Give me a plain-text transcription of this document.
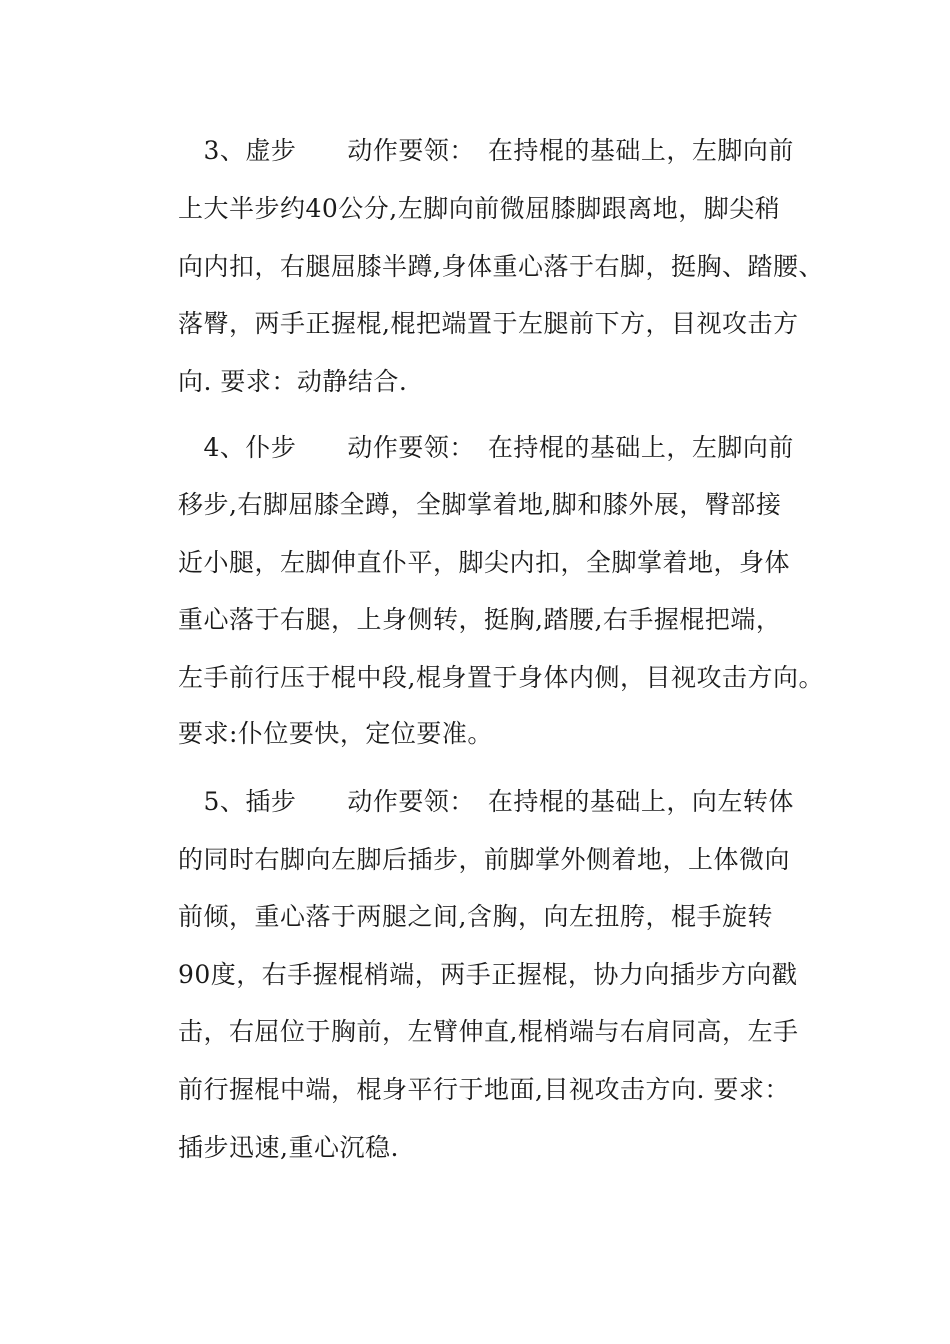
　3、虚步　　动作要领：　在持棍的基础上，左脚向前
上大半步约40公分,左脚向前微屈膝脚跟离地，脚尖稍
向内扣，右腿屈膝半蹲,身体重心落于右脚，挺胸、踏腰、
落臀，两手正握棍,棍把端置于左腿前下方，目视攻击方
向. 要求：动静结合.
　4、仆步　　动作要领：　在持棍的基础上，左脚向前
移步,右脚屈膝全蹲，全脚掌着地,脚和膝外展，臀部接
近小腿，左脚伸直仆平，脚尖内扣，全脚掌着地，身体
重心落于右腿，上身侧转，挺胸,踏腰,右手握棍把端，
左手前行压于棍中段,棍身置于身体内侧，目视攻击方向。
要求:仆位要快，定位要准。
　5、插步　　动作要领：　在持棍的基础上，向左转体
的同时右脚向左脚后插步，前脚掌外侧着地，上体微向
前倾，重心落于两腿之间,含胸，向左扭胯，棍手旋转
90度，右手握棍梢端，两手正握棍，协力向插步方向戳
击，右屈位于胸前，左臂伸直,棍梢端与右肩同高，左手
前行握棍中端，棍身平行于地面,目视攻击方向. 要求：
插步迅速,重心沉稳.
